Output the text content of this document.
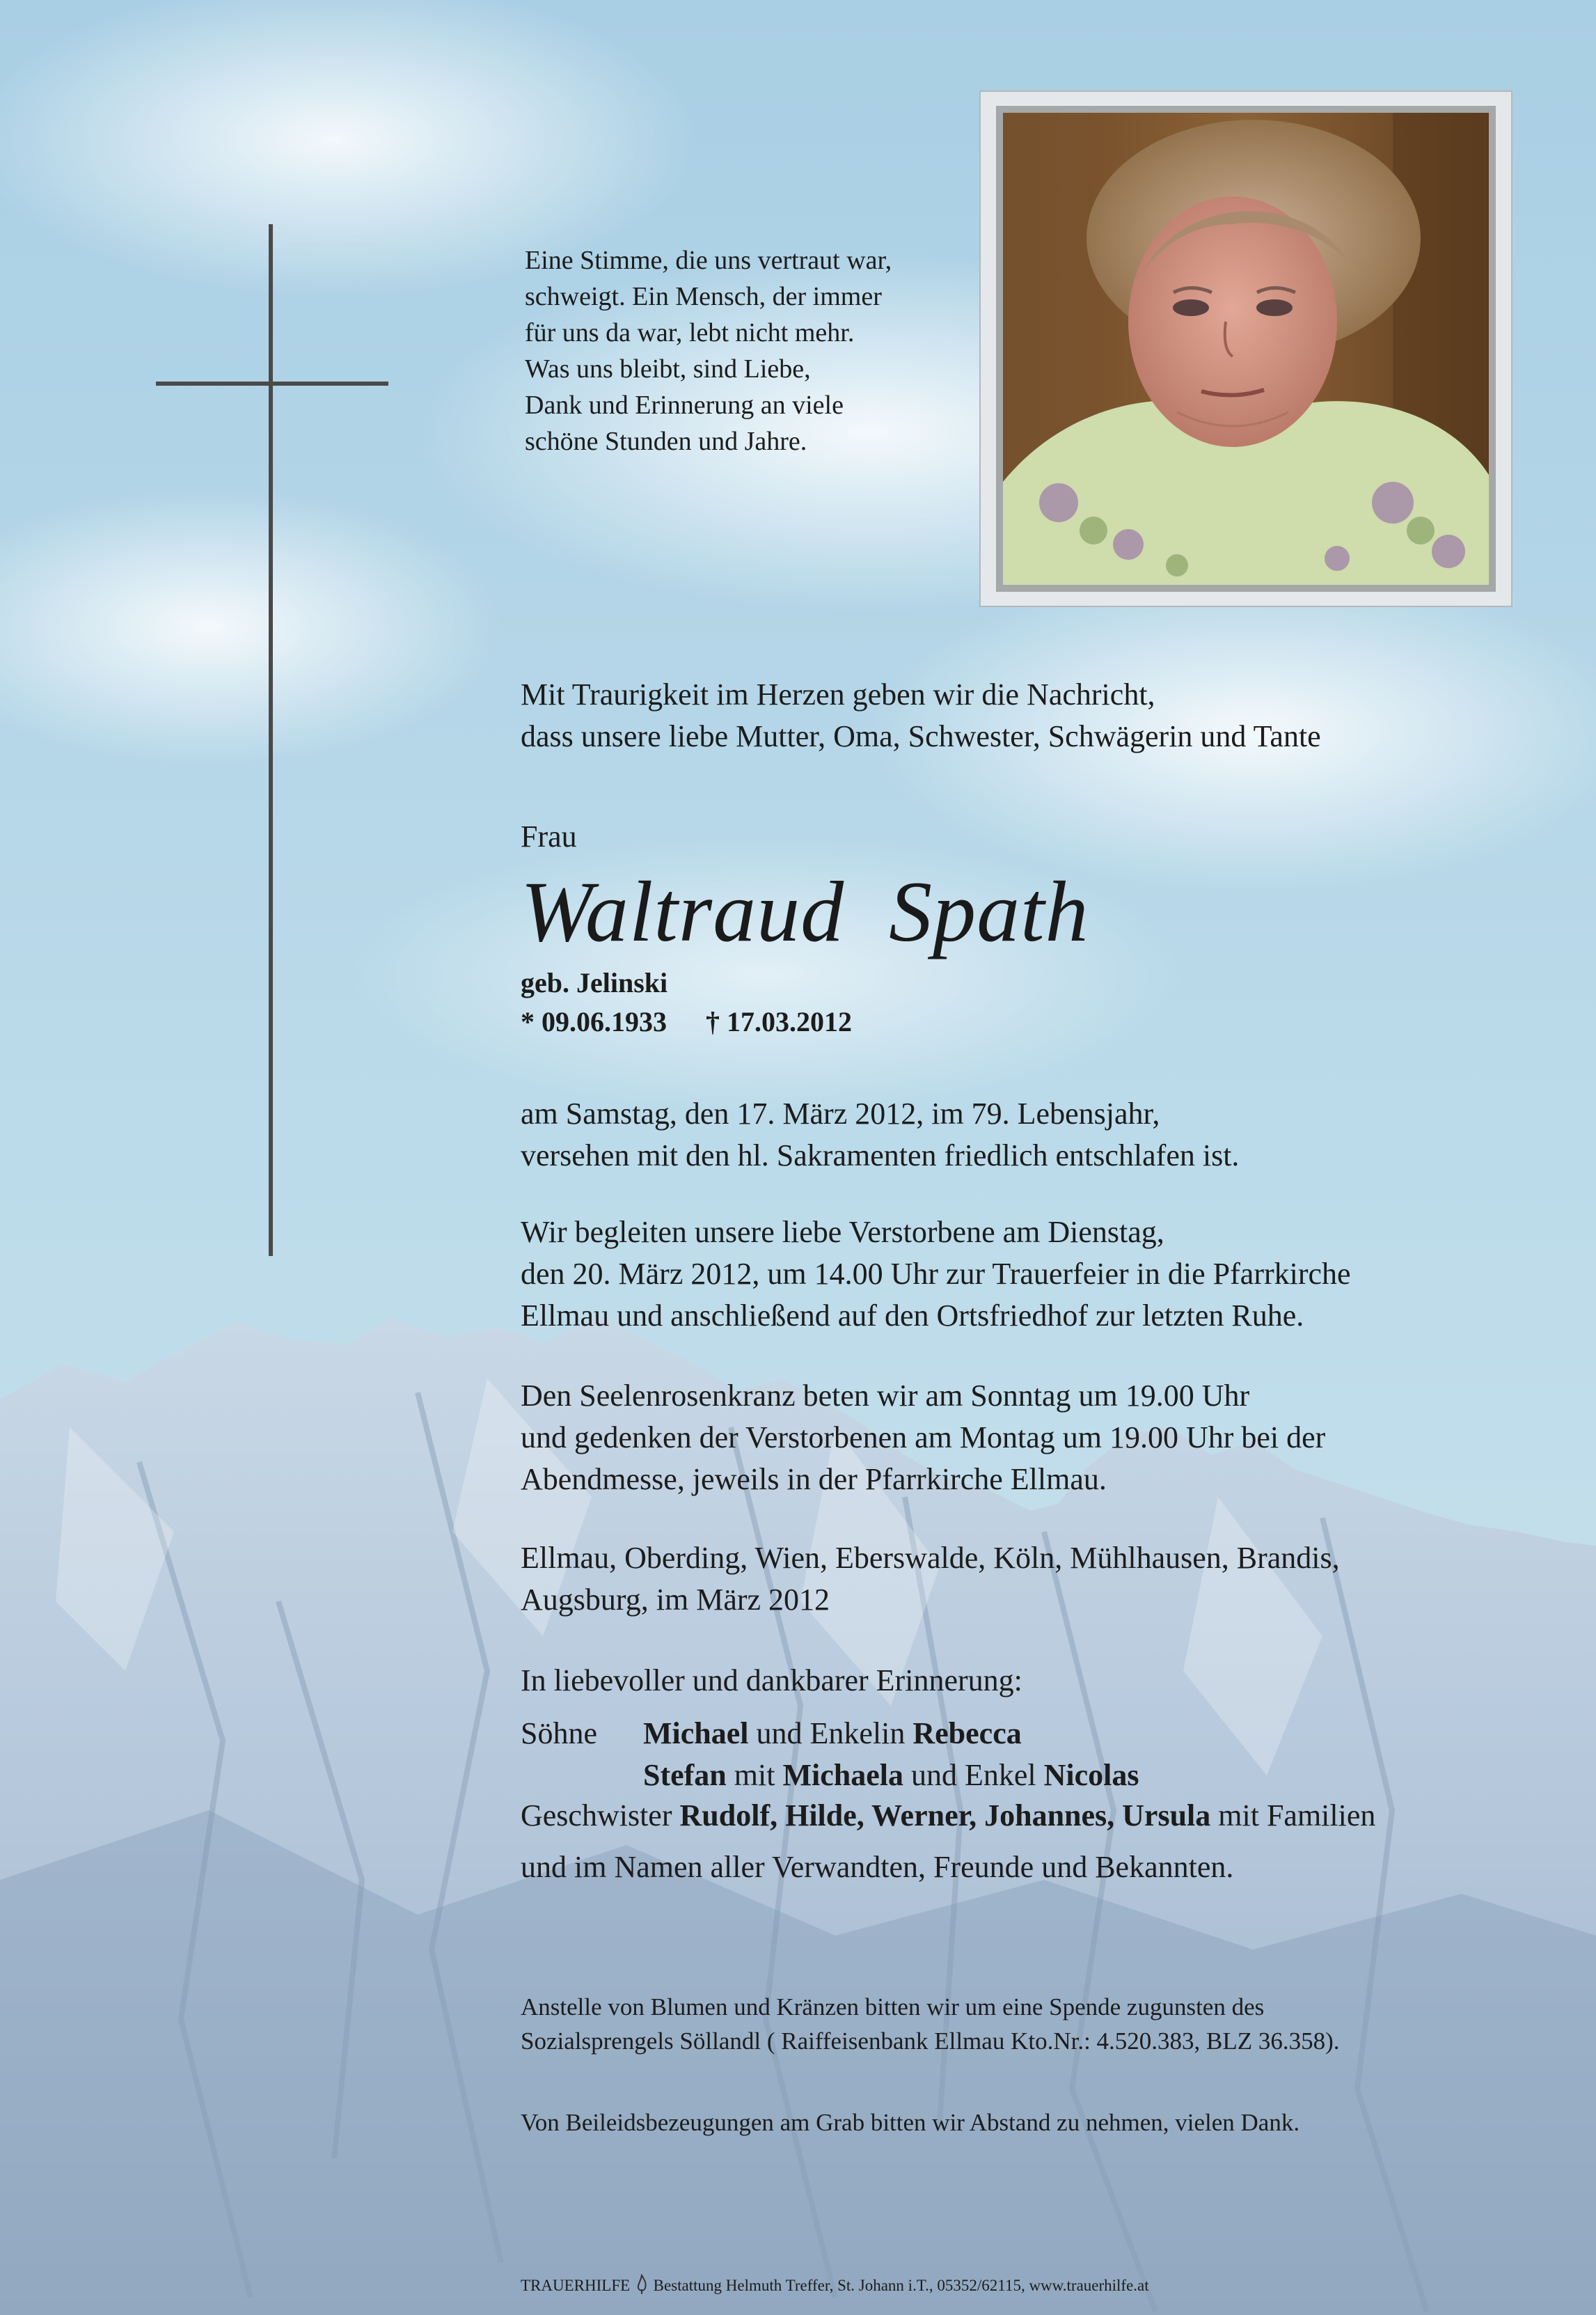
Eine Stimme, die uns vertraut war,
schweigt. Ein Mensch, der immer
für uns da war, lebt nicht mehr.
Was uns bleibt, sind Liebe,
Dank und Erinnerung an viele
schöne Stunden und Jahre.
Mit Traurigkeit im Herzen geben wir die Nachricht,
dass unsere liebe Mutter, Oma, Schwester, Schwägerin und Tante
Frau
Waltraud  Spath
geb. Jelinski
* 09.06.1933 † 17.03.2012
am Samstag, den 17. März 2012, im 79. Lebensjahr,
versehen mit den hl. Sakramenten friedlich entschlafen ist.
Wir begleiten unsere liebe Verstorbene am Dienstag,
den 20. März 2012, um 14.00 Uhr zur Trauerfeier in die Pfarrkirche
Ellmau und anschließend auf den Ortsfriedhof zur letzten Ruhe.
Den Seelenrosenkranz beten wir am Sonntag um 19.00 Uhr
und gedenken der Verstorbenen am Montag um 19.00 Uhr bei der
Abendmesse, jeweils in der Pfarrkirche Ellmau.
Ellmau, Oberding, Wien, Eberswalde, Köln, Mühlhausen, Brandis,
Augsburg, im März 2012
In liebevoller und dankbarer Erinnerung:
Söhne Michael und Enkelin Rebecca
Stefan mit Michaela und Enkel Nicolas
Geschwister Rudolf, Hilde, Werner, Johannes, Ursula mit Familien
und im Namen aller Verwandten, Freunde und Bekannten.
Anstelle von Blumen und Kränzen bitten wir um eine Spende zugunsten des
Sozialsprengels Söllandl ( Raiffeisenbank Ellmau Kto.Nr.: 4.520.383, BLZ 36.358).
Von Beileidsbezeugungen am Grab bitten wir Abstand zu nehmen, vielen Dank.
TRAUERHILFE  Bestattung Helmuth Treffer, St. Johann i.T., 05352/62115, www.trauerhilfe.at
